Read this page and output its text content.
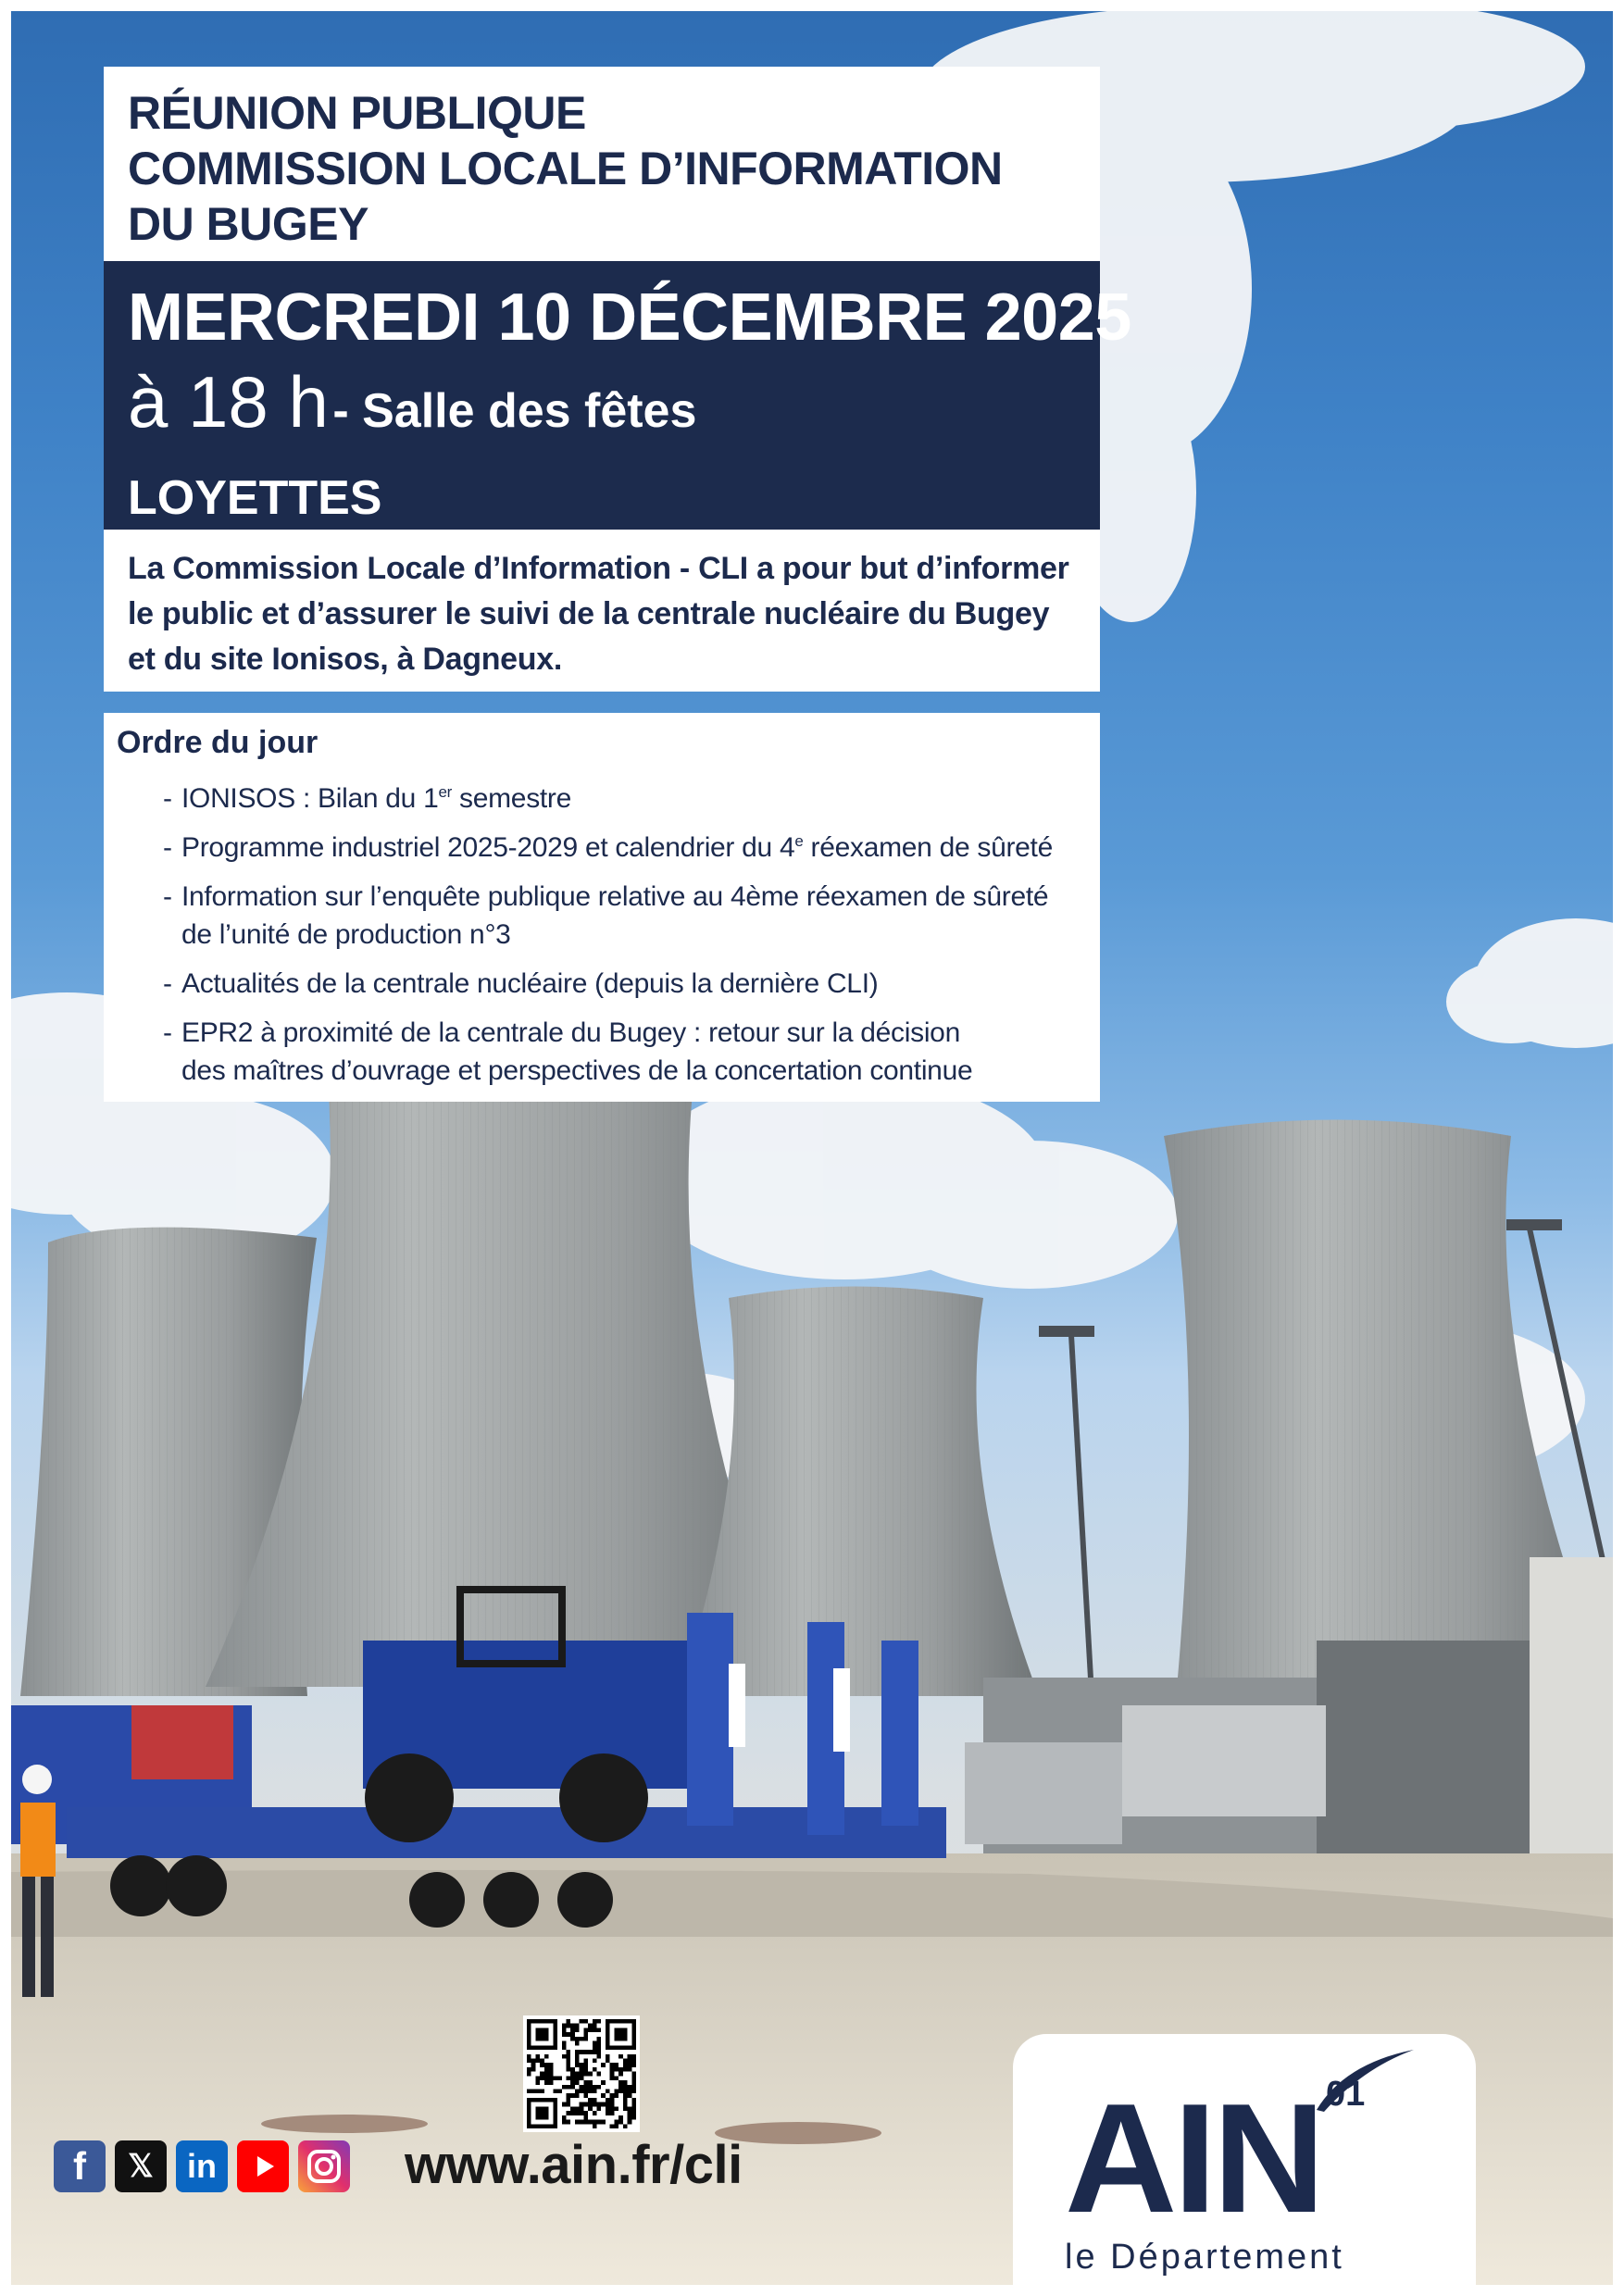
RÉUNION PUBLIQUE
COMMISSION LOCALE D’INFORMATION
DU BUGEY
MERCREDI 10 DÉCEMBRE 2025
à 18 h - Salle des fêtes
LOYETTES
La Commission Locale d’Information - CLI a pour but d’informer
le public et d’assurer le suivi de la centrale nucléaire du Bugey
et du site Ionisos, à Dagneux.
Ordre du jour
- IONISOS : Bilan du 1er semestre
- Programme industriel 2025-2029 et calendrier du 4e réexamen de sûreté
- Information sur l’enquête publique relative au 4ème réexamen de sûreté
de l’unité de production n°3
- Actualités de la centrale nucléaire (depuis la dernière CLI)
- EPR2 à proximité de la centrale du Bugey : retour sur la décision
des maîtres d’ouvrage et perspectives de la concertation continue
f	𝕏	in	www.ain.fr/cli AIN 01
le Département
